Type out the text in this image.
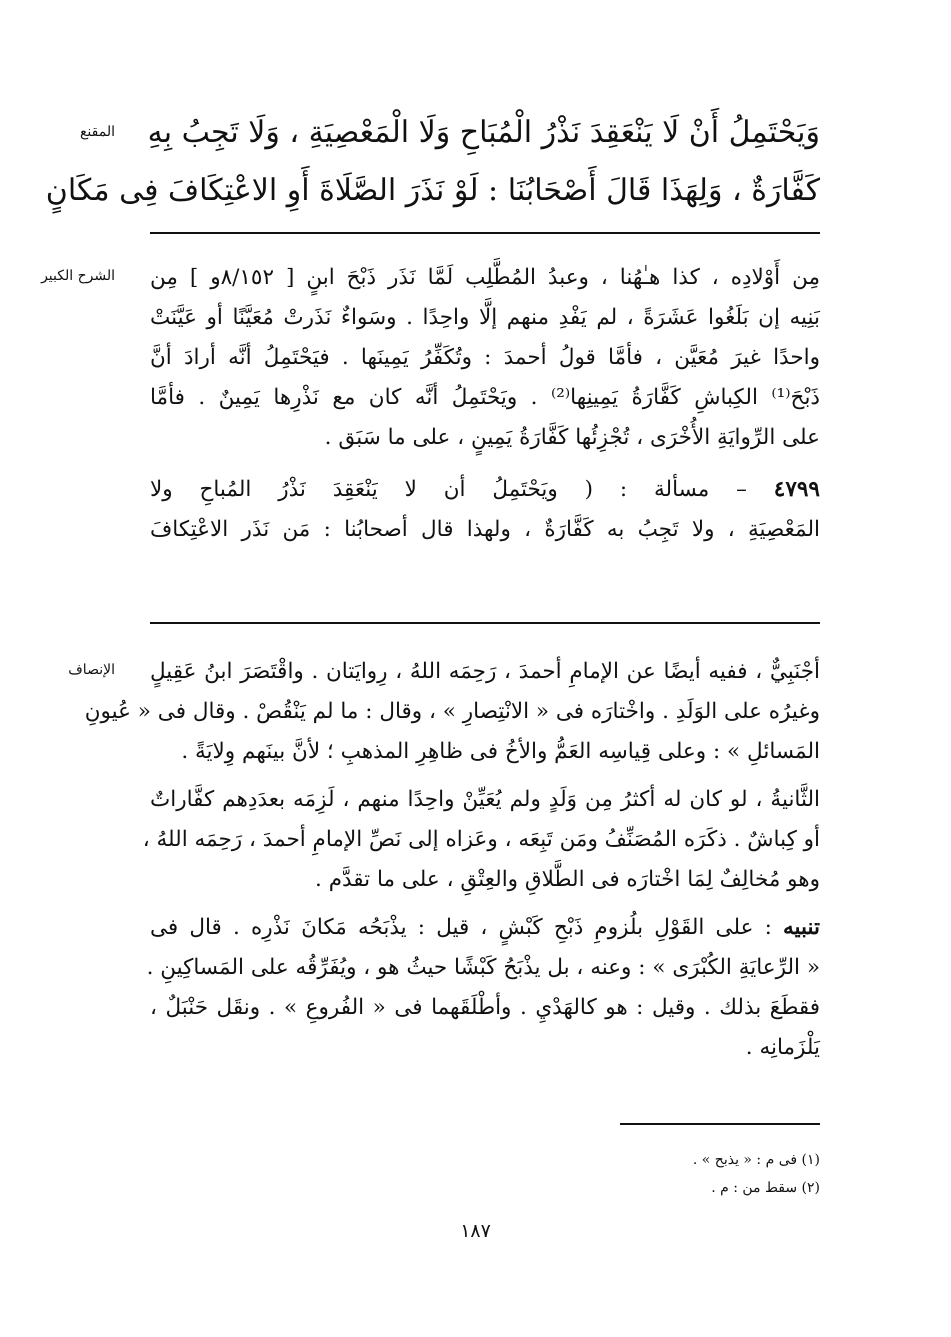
المقنع وَيَحْتَمِلُ أَنْ لَا يَنْعَقِدَ نَذْرُ الْمُبَاحِ وَلَا الْمَعْصِيَةِ ، وَلَا تَجِبُ بِهِ
كَفَّارَةٌ ، وَلِهَذَا قَالَ أَصْحَابُنَا : لَوْ نَذَرَ الصَّلَاةَ أَوِ الاعْتِكَافَ فِى مَكَانٍ
الشرح الكبير مِن أَوْلادِه ، كذا هـٰهُنا ، وعبدُ المُطَّلِب لَمَّا نَذَر ذَبْحَ ابنٍ [ ٨/١٥٢و ] مِن
بَنِيه إن بَلَغُوا عَشَرَةً ، لم يَفْدِ منهم إلَّا واحِدًا . وسَواءٌ نَذَرتْ مُعَيَّنًا أو عَيَّنَتْ
واحدًا غيرَ مُعَيَّن ، فأمَّا قولُ أحمدَ : وتُكَفِّرُ يَمِينَها . فيَحْتَمِلُ أنَّه أرادَ أنَّ
ذَبْحَ⁽¹⁾ الكِباشِ كَفَّارَةُ يَمِينِها⁽²⁾ . ويَحْتَمِلُ أنَّه كان مع نَذْرِها يَمِينٌ . فأمَّا
على الرِّوايَةِ الأُخْرَى ، تُجْزِئُها كَفَّارَةُ يَمِينٍ ، على ما سَبَق .
٤٧٩٩ – مسألة : ( ويَحْتَمِلُ أن لا يَنْعَقِدَ نَذْرُ المُباحِ ولا
المَعْصِيَةِ ، ولا تَجِبُ به كَفَّارَةٌ ، ولهذا قال أصحابُنا : مَن نَذَر الاعْتِكافَ
الإنصاف أجْنَبِيٌّ ، ففيه أيضًا عن الإمامِ أحمدَ ، رَحِمَه اللهُ ، رِوايَتان . واقْتَصَرَ ابنُ عَقِيلٍ
وغيرُه على الوَلَدِ . واخْتارَه فى « الانْتِصارِ » ، وقال : ما لم يَنْقُصْ . وقال فى « عُيونِ
المَسائلِ » : وعلى قِياسِه العَمُّ والأخُ فى ظاهِرِ المذهبِ ؛ لأنَّ بينَهم وِلايَةً .
الثَّانيةُ ، لو كان له أكثرُ مِن وَلَدٍ ولم يُعَيِّنْ واحِدًا منهم ، لَزِمَه بعدَدِهم كفَّاراتٌ
أو كِباشٌ . ذكَرَه المُصَنِّفُ ومَن تَبِعَه ، وعَزاه إلى نَصِّ الإمامِ أحمدَ ، رَحِمَه اللهُ ،
وهو مُخالِفٌ لِمَا اخْتارَه فى الطَّلاقِ والعِتْقِ ، على ما تقدَّم .
تنبيه : على القَوْلِ بلُزومِ ذَبْحِ كَبْشٍ ، قيل : يذْبَحُه مَكانَ نَذْرِه . قال فى
« الرِّعايَةِ الكُبْرَى » : وعنه ، بل يذْبَحُ كَبْشًا حيثُ هو ، ويُفَرِّقُه على المَساكِينِ .
فقطَعَ بذلك . وقيل : هو كالهَدْيِ . وأطْلَقَهما فى « الفُروعِ » . ونقَل حَنْبَلٌ ،
يَلْزَمانِه .
(١) فى م : « يذبح » .
(٢) سقط من : م .
١٨٧
